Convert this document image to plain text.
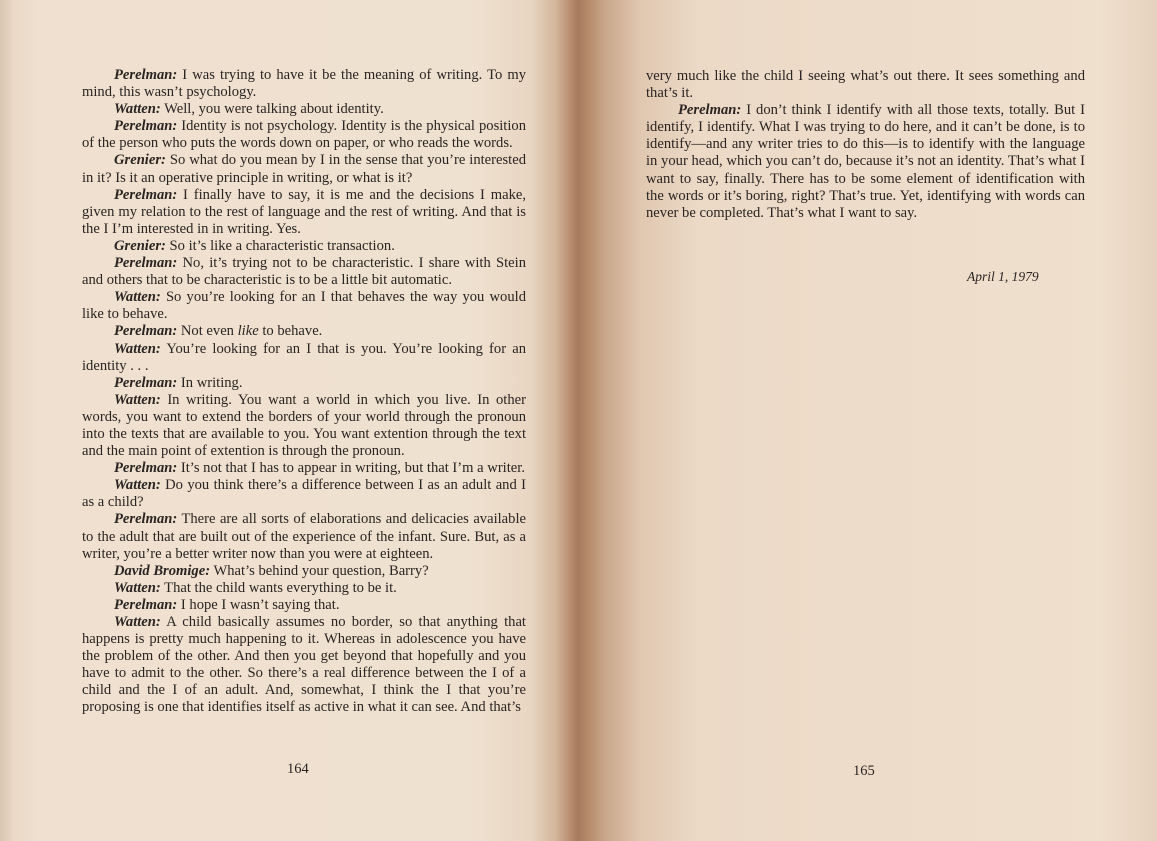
Perelman: I was trying to have it be the meaning of writing. To my mind, this wasn’t psychology.

Watten: Well, you were talking about identity.

Perelman: Identity is not psychology. Identity is the physical position of the person who puts the words down on paper, or who reads the words.

Grenier: So what do you mean by I in the sense that you’re interested in it? Is it an operative principle in writing, or what is it?

Perelman: I finally have to say, it is me and the decisions I make, given my relation to the rest of language and the rest of writing. And that is the I I’m interested in in writing. Yes.

Grenier: So it’s like a characteristic transaction.

Perelman: No, it’s trying not to be characteristic. I share with Stein and others that to be characteristic is to be a little bit automatic.

Watten: So you’re looking for an I that behaves the way you would like to behave.

Perelman: Not even like to behave.

Watten: You’re looking for an I that is you. You’re looking for an identity . . .

Perelman: In writing.

Watten: In writing. You want a world in which you live. In other words, you want to extend the borders of your world through the pronoun into the texts that are available to you. You want extention through the text and the main point of extention is through the pronoun.

Perelman: It’s not that I has to appear in writing, but that I’m a writer.

Watten: Do you think there’s a difference between I as an adult and I as a child?

Perelman: There are all sorts of elaborations and delicacies available to the adult that are built out of the experience of the infant. Sure. But, as a writer, you’re a better writer now than you were at eighteen.

David Bromige: What’s behind your question, Barry?

Watten: That the child wants everything to be it.

Perelman: I hope I wasn’t saying that.

Watten: A child basically assumes no border, so that anything that happens is pretty much happening to it. Whereas in adolescence you have the problem of the other. And then you get beyond that hopefully and you have to admit to the other. So there’s a real difference between the I of a child and the I of an adult. And, somewhat, I think the I that you’re proposing is one that identifies itself as active in what it can see. And that’s

164

very much like the child I seeing what’s out there. It sees something and that’s it.

Perelman: I don’t think I identify with all those texts, totally. But I identify, I identify. What I was trying to do here, and it can’t be done, is to identify—and any writer tries to do this—is to identify with the language in your head, which you can’t do, because it’s not an identity. That’s what I want to say, finally. There has to be some element of identification with the words or it’s boring, right? That’s true. Yet, identifying with words can never be completed. That’s what I want to say.

April 1, 1979
165
